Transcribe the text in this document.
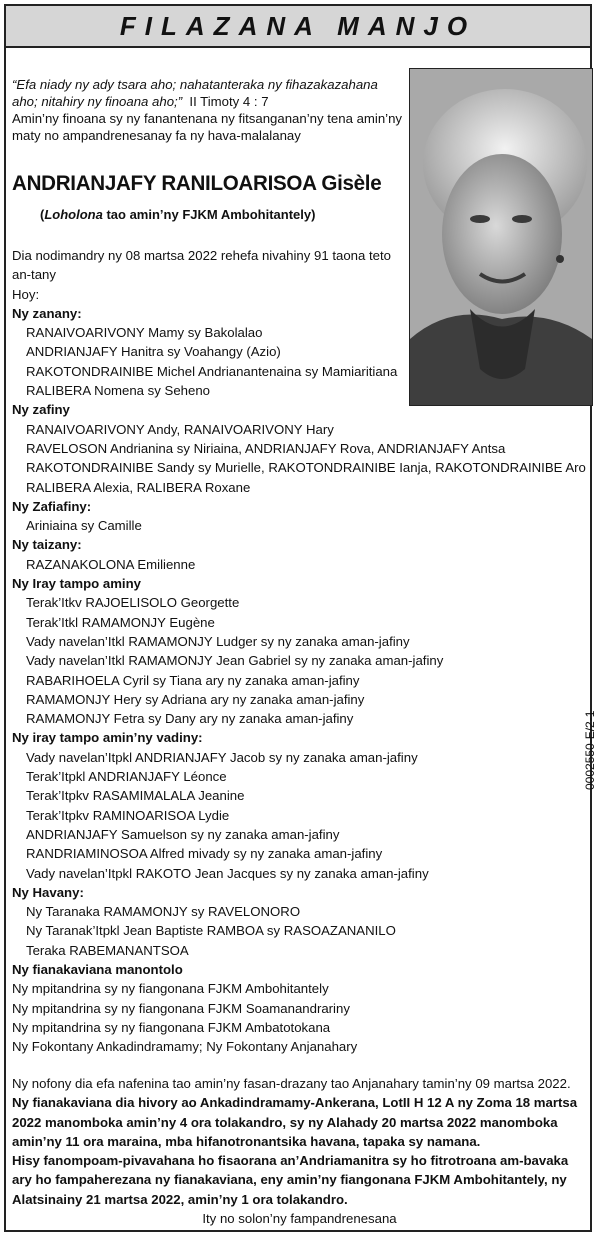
FILAZANA MANJO
“Efa niady ny ady tsara aho; nahatanteraka ny fihazakazahana aho; nitahiry ny finoana aho;” II Timoty 4 : 7
Amin’ny finoana sy ny fanantenana ny fitsanganan’ny tena amin’ny maty no ampandrenesanay fa ny hava-malalanay
ANDRIANJAFY RANILOARISOA Gisèle
(Loholona tao amin’ny FJKM Ambohitantely)
Dia nodimandry ny 08 martsa 2022 rehefa nivahiny 91 taona teto
an-tany
Hoy:
Ny zanany:
RANAIVOARIVONY Mamy sy Bakolalao
ANDRIANJAFY Hanitra sy Voahangy (Azio)
RAKOTONDRAINIBE Michel Andrianantenaina sy Mamiaritiana
RALIBERA Nomena sy Seheno
Ny zafiny
RANAIVOARIVONY Andy, RANAIVOARIVONY Hary
RAVELOSON Andrianina sy Niriaina, ANDRIANJAFY Rova, ANDRIANJAFY Antsa
RAKOTONDRAINIBE Sandy sy Murielle, RAKOTONDRAINIBE Ianja, RAKOTONDRAINIBE Aro
RALIBERA Alexia, RALIBERA Roxane
Ny Zafiafiny:
Ariniaina sy Camille
Ny taizany:
RAZANAKOLONA Emilienne
Ny Iray tampo aminy
Terak’Itkv RAJOELISOLO Georgette
Terak’Itkl RAMAMONJY Eugène
Vady navelan’Itkl RAMAMONJY Ludger sy ny zanaka aman-jafiny
Vady navelan’Itkl RAMAMONJY Jean Gabriel sy ny zanaka aman-jafiny
RABARIHOELA Cyril sy Tiana ary ny zanaka aman-jafiny
RAMAMONJY Hery sy Adriana ary ny zanaka aman-jafiny
RAMAMONJY Fetra sy Dany ary ny zanaka aman-jafiny
Ny iray tampo amin’ny vadiny:
Vady navelan’Itpkl ANDRIANJAFY Jacob sy ny zanaka aman-jafiny
Terak’Itpkl ANDRIANJAFY Léonce
Terak’Itpkv RASAMIMALALA Jeanine
Terak’Itpkv RAMINOARISOA Lydie
ANDRIANJAFY Samuelson sy ny zanaka aman-jafiny
RANDRIAMINOSOA Alfred mivady sy ny zanaka aman-jafiny
Vady navelan’Itpkl RAKOTO Jean Jacques sy ny zanaka aman-jafiny
Ny Havany:
Ny Taranaka RAMAMONJY sy RAVELONORO
Ny Taranak’Itpkl Jean Baptiste RAMBOA sy RASOAZANANILO
Teraka RABEMANANTSOA
Ny fianakaviana manontolo
Ny mpitandrina sy ny fiangonana FJKM Ambohitantely
Ny mpitandrina sy ny fiangonana FJKM Soamanandrariny
Ny mpitandrina sy ny fiangonana FJKM Ambatotokana
Ny Fokontany Ankadindramamy; Ny Fokontany Anjanahary
0002550-E/2-1
Ny nofony dia efa nafenina tao amin’ny fasan-drazany tao Anjanahary tamin’ny 09 martsa 2022.
Ny fianakaviana dia hivory ao Ankadindramamy-Ankerana, LotII H 12 A ny Zoma 18 martsa 2022 manomboka amin’ny 4 ora tolakandro, sy ny Alahady 20 martsa 2022 manomboka amin’ny 11 ora maraina, mba hifanotronantsika havana, tapaka sy namana.
Hisy fanompoam-pivavahana ho fisaorana an’Andriamanitra sy ho fitrotroana am-bavaka ary ho fampaherezana ny fianakaviana, eny amin’ny fiangonana FJKM Ambohitantely, ny Alatsinainy 21 martsa 2022, amin’ny 1 ora tolakandro.
Ity no solon’ny fampandrenesana
